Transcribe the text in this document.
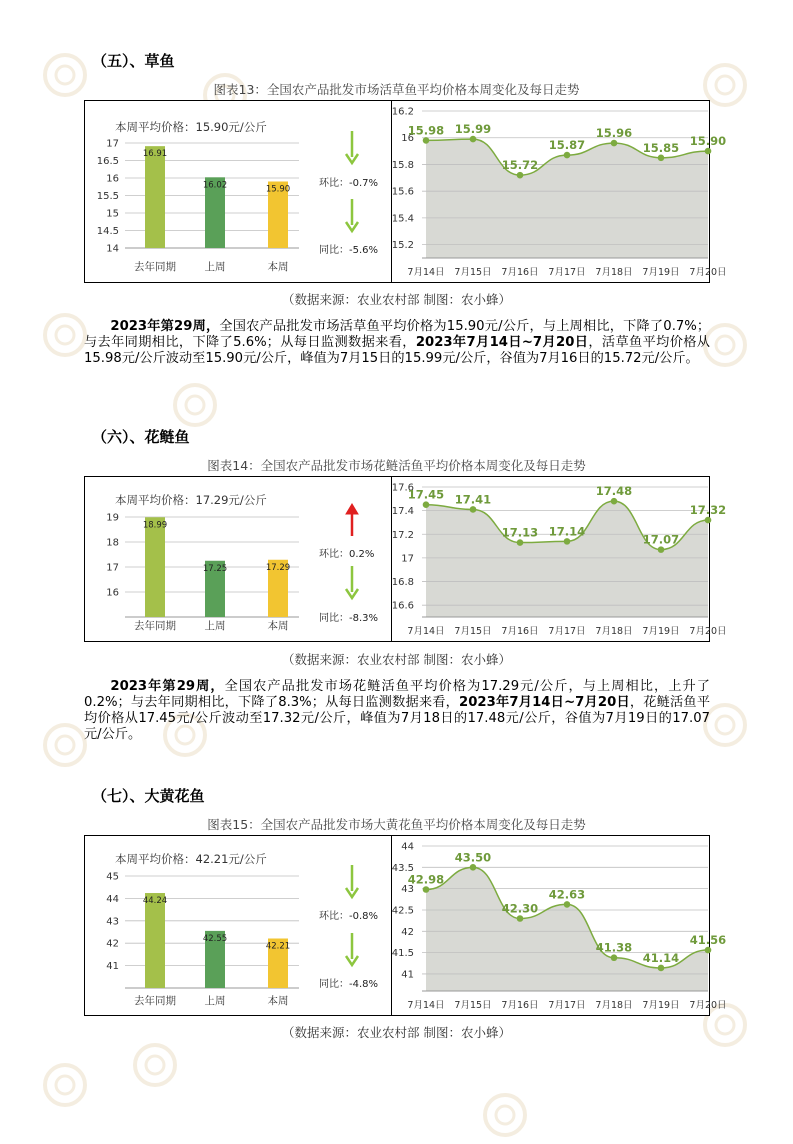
（五）、草鱼
图表13：全国农产品批发市场活草鱼平均价格本周变化及每日走势
本周平均价格：15.90元/公斤
17
16.5
16
15.5
15
14.5
14
16.91
去年同期
16.02
上周
15.90
本周
环比：-0.7%
同比：-5.6%
16.2
16
15.8
15.6
15.4
15.2
15.98
7月14日
15.99
7月15日
15.72
7月16日
15.87
7月17日
15.96
7月18日
15.85
7月19日
15.90
7月20日
（数据来源：农业农村部 制图：农小蜂）
2023年第29周，全国农产品批发市场活草鱼平均价格为15.90元/公斤，与上周相比，下降了0.7%；与去年同期相比，下降了5.6%；从每日监测数据来看，2023年7月14日~7月20日，活草鱼平均价格从15.98元/公斤波动至15.90元/公斤，峰值为7月15日的15.99元/公斤，谷值为7月16日的15.72元/公斤。
（六）、花鲢鱼
图表14：全国农产品批发市场花鲢活鱼平均价格本周变化及每日走势
本周平均价格：17.29元/公斤
19
18
17
16
18.99
去年同期
17.25
上周
17.29
本周
环比：0.2%
同比：-8.3%
17.6
17.4
17.2
17
16.8
16.6
17.45
7月14日
17.41
7月15日
17.13
7月16日
17.14
7月17日
17.48
7月18日
17.07
7月19日
17.32
7月20日
（数据来源：农业农村部 制图：农小蜂）
2023年第29周，全国农产品批发市场花鲢活鱼平均价格为17.29元/公斤，与上周相比，上升了0.2%；与去年同期相比，下降了8.3%；从每日监测数据来看，2023年7月14日~7月20日，花鲢活鱼平均价格从17.45元/公斤波动至17.32元/公斤，峰值为7月18日的17.48元/公斤，谷值为7月19日的17.07元/公斤。
（七）、大黄花鱼
图表15：全国农产品批发市场大黄花鱼平均价格本周变化及每日走势
本周平均价格：42.21元/公斤
45
44
43
42
41
44.24
去年同期
42.55
上周
42.21
本周
环比：-0.8%
同比：-4.8%
44
43.5
43
42.5
42
41.5
41
42.98
7月14日
43.50
7月15日
42.30
7月16日
42.63
7月17日
41.38
7月18日
41.14
7月19日
41.56
7月20日
（数据来源：农业农村部 制图：农小蜂）
